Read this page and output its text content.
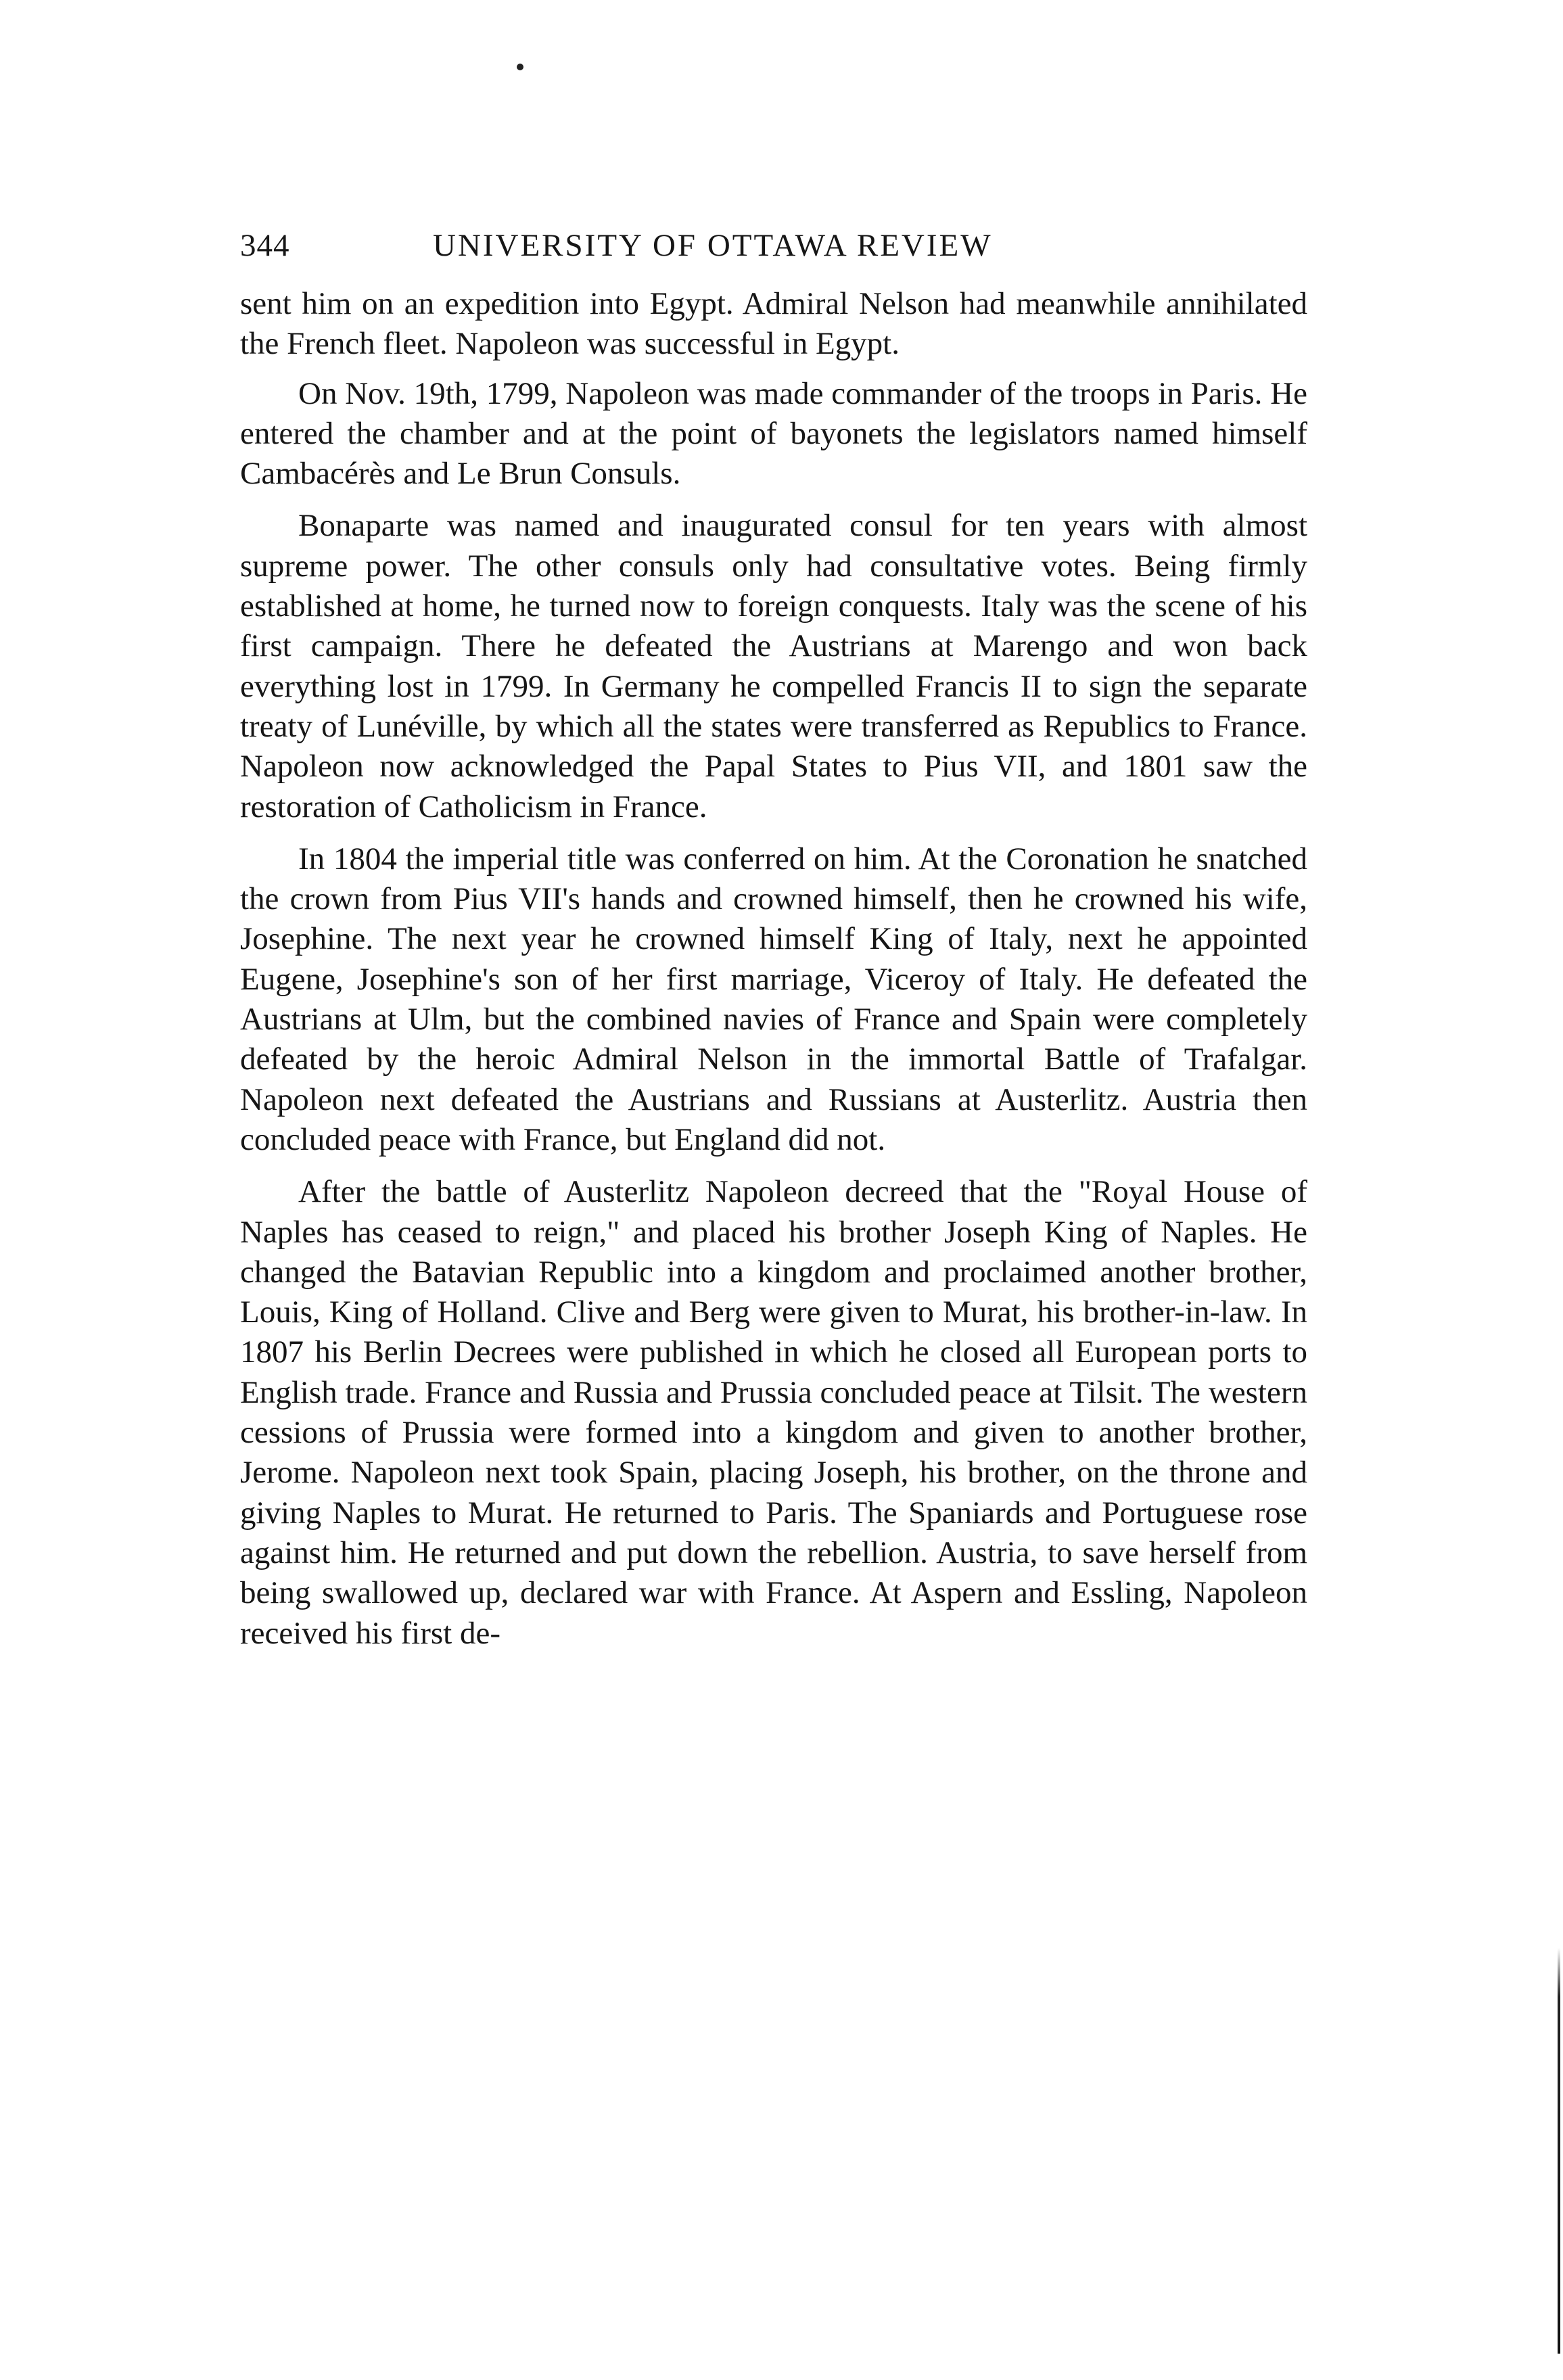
344	UNIVERSITY OF OTTAWA REVIEW

sent him on an expedition into Egypt. Admiral Nelson had meanwhile annihilated the French fleet. Napoleon was successful in Egypt.

On Nov. 19th, 1799, Napoleon was made commander of the troops in Paris. He entered the chamber and at the point of bayonets the legislators named himself Cambacérès and Le Brun Consuls.

Bonaparte was named and inaugurated consul for ten years with almost supreme power. The other consuls only had consultative votes. Being firmly established at home, he turned now to foreign conquests. Italy was the scene of his first campaign. There he defeated the Austrians at Marengo and won back everything lost in 1799. In Germany he compelled Francis II to sign the separate treaty of Lunéville, by which all the states were transferred as Republics to France. Napoleon now acknowledged the Papal States to Pius VII, and 1801 saw the restoration of Catholicism in France.

In 1804 the imperial title was conferred on him. At the Coronation he snatched the crown from Pius VII's hands and crowned himself, then he crowned his wife, Josephine. The next year he crowned himself King of Italy, next he appointed Eugene, Josephine's son of her first marriage, Viceroy of Italy. He defeated the Austrians at Ulm, but the combined navies of France and Spain were completely defeated by the heroic Admiral Nelson in the immortal Battle of Trafalgar. Napoleon next defeated the Austrians and Russians at Austerlitz. Austria then concluded peace with France, but England did not.

After the battle of Austerlitz Napoleon decreed that the "Royal House of Naples has ceased to reign," and placed his brother Joseph King of Naples. He changed the Batavian Republic into a kingdom and proclaimed another brother, Louis, King of Holland. Clive and Berg were given to Murat, his brother-in-law. In 1807 his Berlin Decrees were published in which he closed all European ports to English trade. France and Russia and Prussia concluded peace at Tilsit. The western cessions of Prussia were formed into a kingdom and given to another brother, Jerome. Napoleon next took Spain, placing Joseph, his brother, on the throne and giving Naples to Murat. He returned to Paris. The Spaniards and Portuguese rose against him. He returned and put down the rebellion. Austria, to save herself from being swallowed up, declared war with France. At Aspern and Essling, Napoleon received his first de-
